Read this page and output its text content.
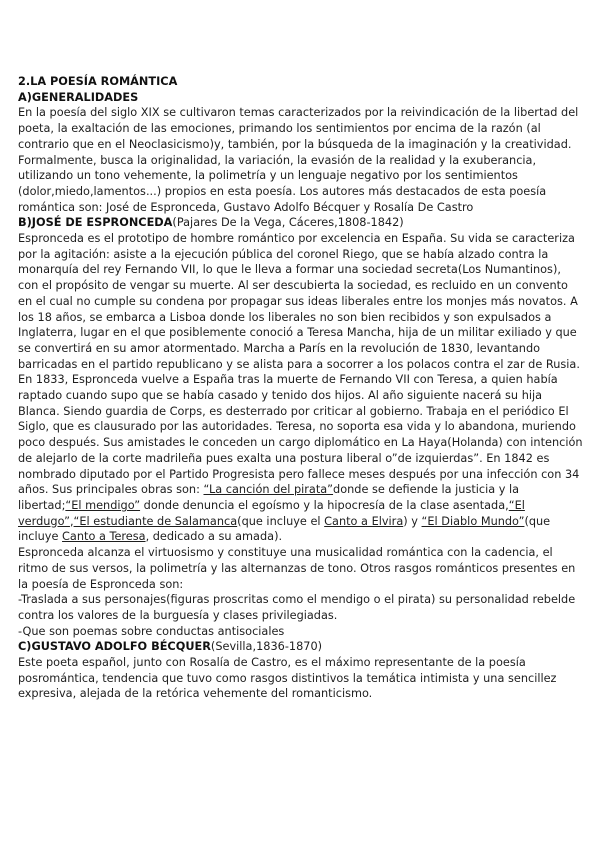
2.LA POESÍA ROMÁNTICA

A)GENERALIDADES

En la poesía del siglo XIX se cultivaron temas caracterizados por la reivindicación de la libertad del poeta, la exaltación de las emociones, primando los sentimientos por encima de la razón (al contrario que en el Neoclasicismo)y, también, por la búsqueda de la imaginación y la creatividad. Formalmente, busca la originalidad, la variación, la evasión de la realidad y la exuberancia, utilizando un tono vehemente, la polimetría y un lenguaje negativo por los sentimientos (dolor,miedo,lamentos...) propios en esta poesía. Los autores más destacados de esta poesía romántica son: José de Espronceda, Gustavo Adolfo Bécquer y Rosalía De Castro

B)JOSÉ DE ESPRONCEDA(Pajares De la Vega, Cáceres,1808-1842)

Espronceda es el prototipo de hombre romántico por excelencia en España. Su vida se caracteriza por la agitación: asiste a la ejecución pública del coronel Riego, que se había alzado contra la monarquía del rey Fernando VII, lo que le lleva a formar una sociedad secreta(Los Numantinos), con el propósito de vengar su muerte. Al ser descubierta la sociedad, es recluido en un convento en el cual no cumple su condena por propagar sus ideas liberales entre los monjes más novatos. A los 18 años, se embarca a Lisboa donde los liberales no son bien recibidos y son expulsados a Inglaterra, lugar en el que posiblemente conoció a Teresa Mancha, hija de un militar exiliado y que se convertirá en su amor atormentado. Marcha a París en la revolución de 1830, levantando barricadas en el partido republicano y se alista para a socorrer a los polacos contra el zar de Rusia. En 1833, Espronceda vuelve a España tras la muerte de Fernando VII con Teresa, a quien había raptado cuando supo que se había casado y tenido dos hijos. Al año siguiente nacerá su hija Blanca. Siendo guardia de Corps, es desterrado por criticar al gobierno. Trabaja en el periódico El Siglo, que es clausurado por las autoridades. Teresa, no soporta esa vida y lo abandona, muriendo poco después. Sus amistades le conceden un cargo diplomático en La Haya(Holanda) con intención de alejarlo de la corte madrileña pues exalta una postura liberal o”de izquierdas”. En 1842 es nombrado diputado por el Partido Progresista pero fallece meses después por una infección con 34 años. Sus principales obras son: “La canción del pirata”donde se defiende la justicia y la libertad;“El mendigo” donde denuncia el egoísmo y la hipocresía de la clase asentada,“El verdugo”,“El estudiante de Salamanca(que incluye el Canto a Elvira) y “El Diablo Mundo”(que incluye Canto a Teresa, dedicado a su amada).

Espronceda alcanza el virtuosismo y constituye una musicalidad romántica con la cadencia, el ritmo de sus versos, la polimetría y las alternanzas de tono. Otros rasgos románticos presentes en la poesía de Espronceda son:

-Traslada a sus personajes(figuras proscritas como el mendigo o el pirata) su personalidad rebelde contra los valores de la burguesía y clases privilegiadas.

-Que son poemas sobre conductas antisociales

C)GUSTAVO ADOLFO BÉCQUER(Sevilla,1836-1870)

Este poeta español, junto con Rosalía de Castro, es el máximo representante de la poesía posromántica, tendencia que tuvo como rasgos distintivos la temática intimista y una sencillez expresiva, alejada de la retórica vehemente del romanticismo.
